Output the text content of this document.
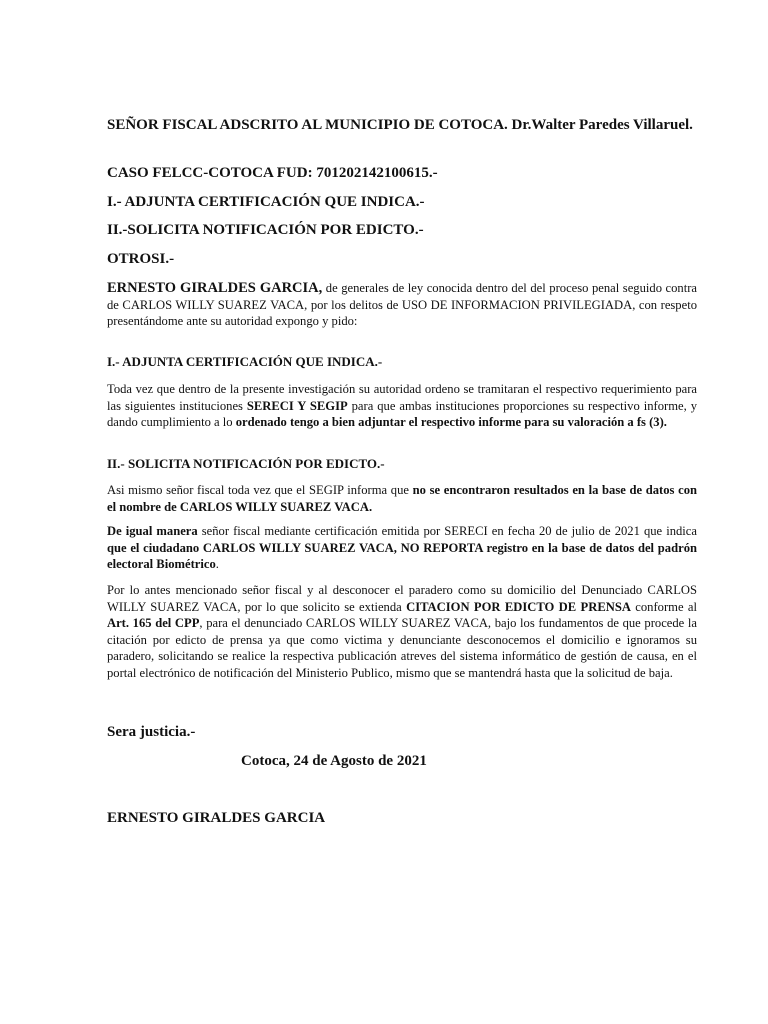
SEÑOR FISCAL ADSCRITO AL MUNICIPIO DE COTOCA. Dr.Walter Paredes Villaruel.

CASO FELCC-COTOCA FUD: 701202142100615.-

I.- ADJUNTA CERTIFICACIÓN QUE INDICA.-

II.-SOLICITA NOTIFICACIÓN POR EDICTO.-

OTROSI.-

ERNESTO GIRALDES GARCIA, de generales de ley conocida dentro del del proceso penal seguido contra de CARLOS WILLY SUAREZ VACA, por los delitos de USO DE INFORMACION PRIVILEGIADA, con respeto presentándome ante su autoridad expongo y pido:

I.- ADJUNTA CERTIFICACIÓN QUE INDICA.-

Toda vez que dentro de la presente investigación su autoridad ordeno se tramitaran el respectivo requerimiento para las siguientes instituciones SERECI Y SEGIP para que ambas instituciones proporciones su respectivo informe, y dando cumplimiento a lo ordenado tengo a bien adjuntar el respectivo informe para su valoración a fs (3).

II.- SOLICITA NOTIFICACIÓN POR EDICTO.-

Asi mismo señor fiscal toda vez que el SEGIP informa que no se encontraron resultados en la base de datos con el nombre de CARLOS WILLY SUAREZ VACA.

De igual manera señor fiscal mediante certificación emitida por SERECI en fecha 20 de julio de 2021 que indica que el ciudadano CARLOS WILLY SUAREZ VACA, NO REPORTA registro en la base de datos del padrón electoral Biométrico.

Por lo antes mencionado señor fiscal y al desconocer el paradero como su domicilio del Denunciado CARLOS WILLY SUAREZ VACA, por lo que solicito se extienda CITACION POR EDICTO DE PRENSA conforme al Art. 165 del CPP, para el denunciado CARLOS WILLY SUAREZ VACA, bajo los fundamentos de que procede la citación por edicto de prensa ya que como victima y denunciante desconocemos el domicilio e ignoramos su paradero, solicitando se realice la respectiva publicación atreves del sistema informático de gestión de causa, en el portal electrónico de notificación del Ministerio Publico, mismo que se mantendrá hasta que la solicitud de baja.

Sera justicia.-

Cotoca, 24 de Agosto de 2021

ERNESTO GIRALDES GARCIA
